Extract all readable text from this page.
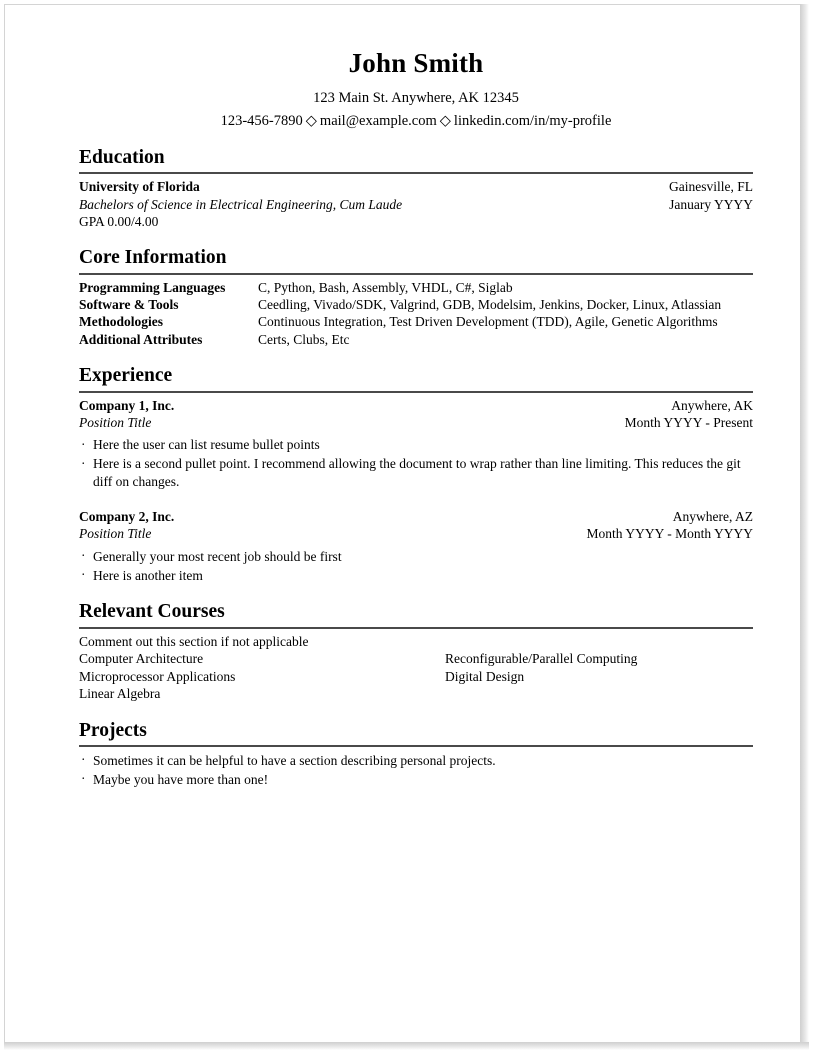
John Smith
123 Main St. Anywhere, AK 12345
123-456-7890 ◇ mail@example.com ◇ linkedin.com/in/my-profile
Education
University of Florida	Gainesville, FL
Bachelors of Science in Electrical Engineering, Cum Laude	January YYYY
GPA 0.00/4.00
Core Information
Programming Languages	C, Python, Bash, Assembly, VHDL, C#, Siglab
Software & Tools	Ceedling, Vivado/SDK, Valgrind, GDB, Modelsim, Jenkins, Docker, Linux, Atlassian
Methodologies	Continuous Integration, Test Driven Development (TDD), Agile, Genetic Algorithms
Additional Attributes	Certs, Clubs, Etc
Experience
Company 1, Inc.	Anywhere, AK
Position Title	Month YYYY - Present
· Here the user can list resume bullet points
· Here is a second pullet point. I recommend allowing the document to wrap rather than line limiting. This reduces the git diff on changes.
Company 2, Inc.	Anywhere, AZ
Position Title	Month YYYY - Month YYYY
· Generally your most recent job should be first
· Here is another item
Relevant Courses
Comment out this section if not applicable
Computer Architecture	Reconfigurable/Parallel Computing
Microprocessor Applications	Digital Design
Linear Algebra
Projects
· Sometimes it can be helpful to have a section describing personal projects.
· Maybe you have more than one!
